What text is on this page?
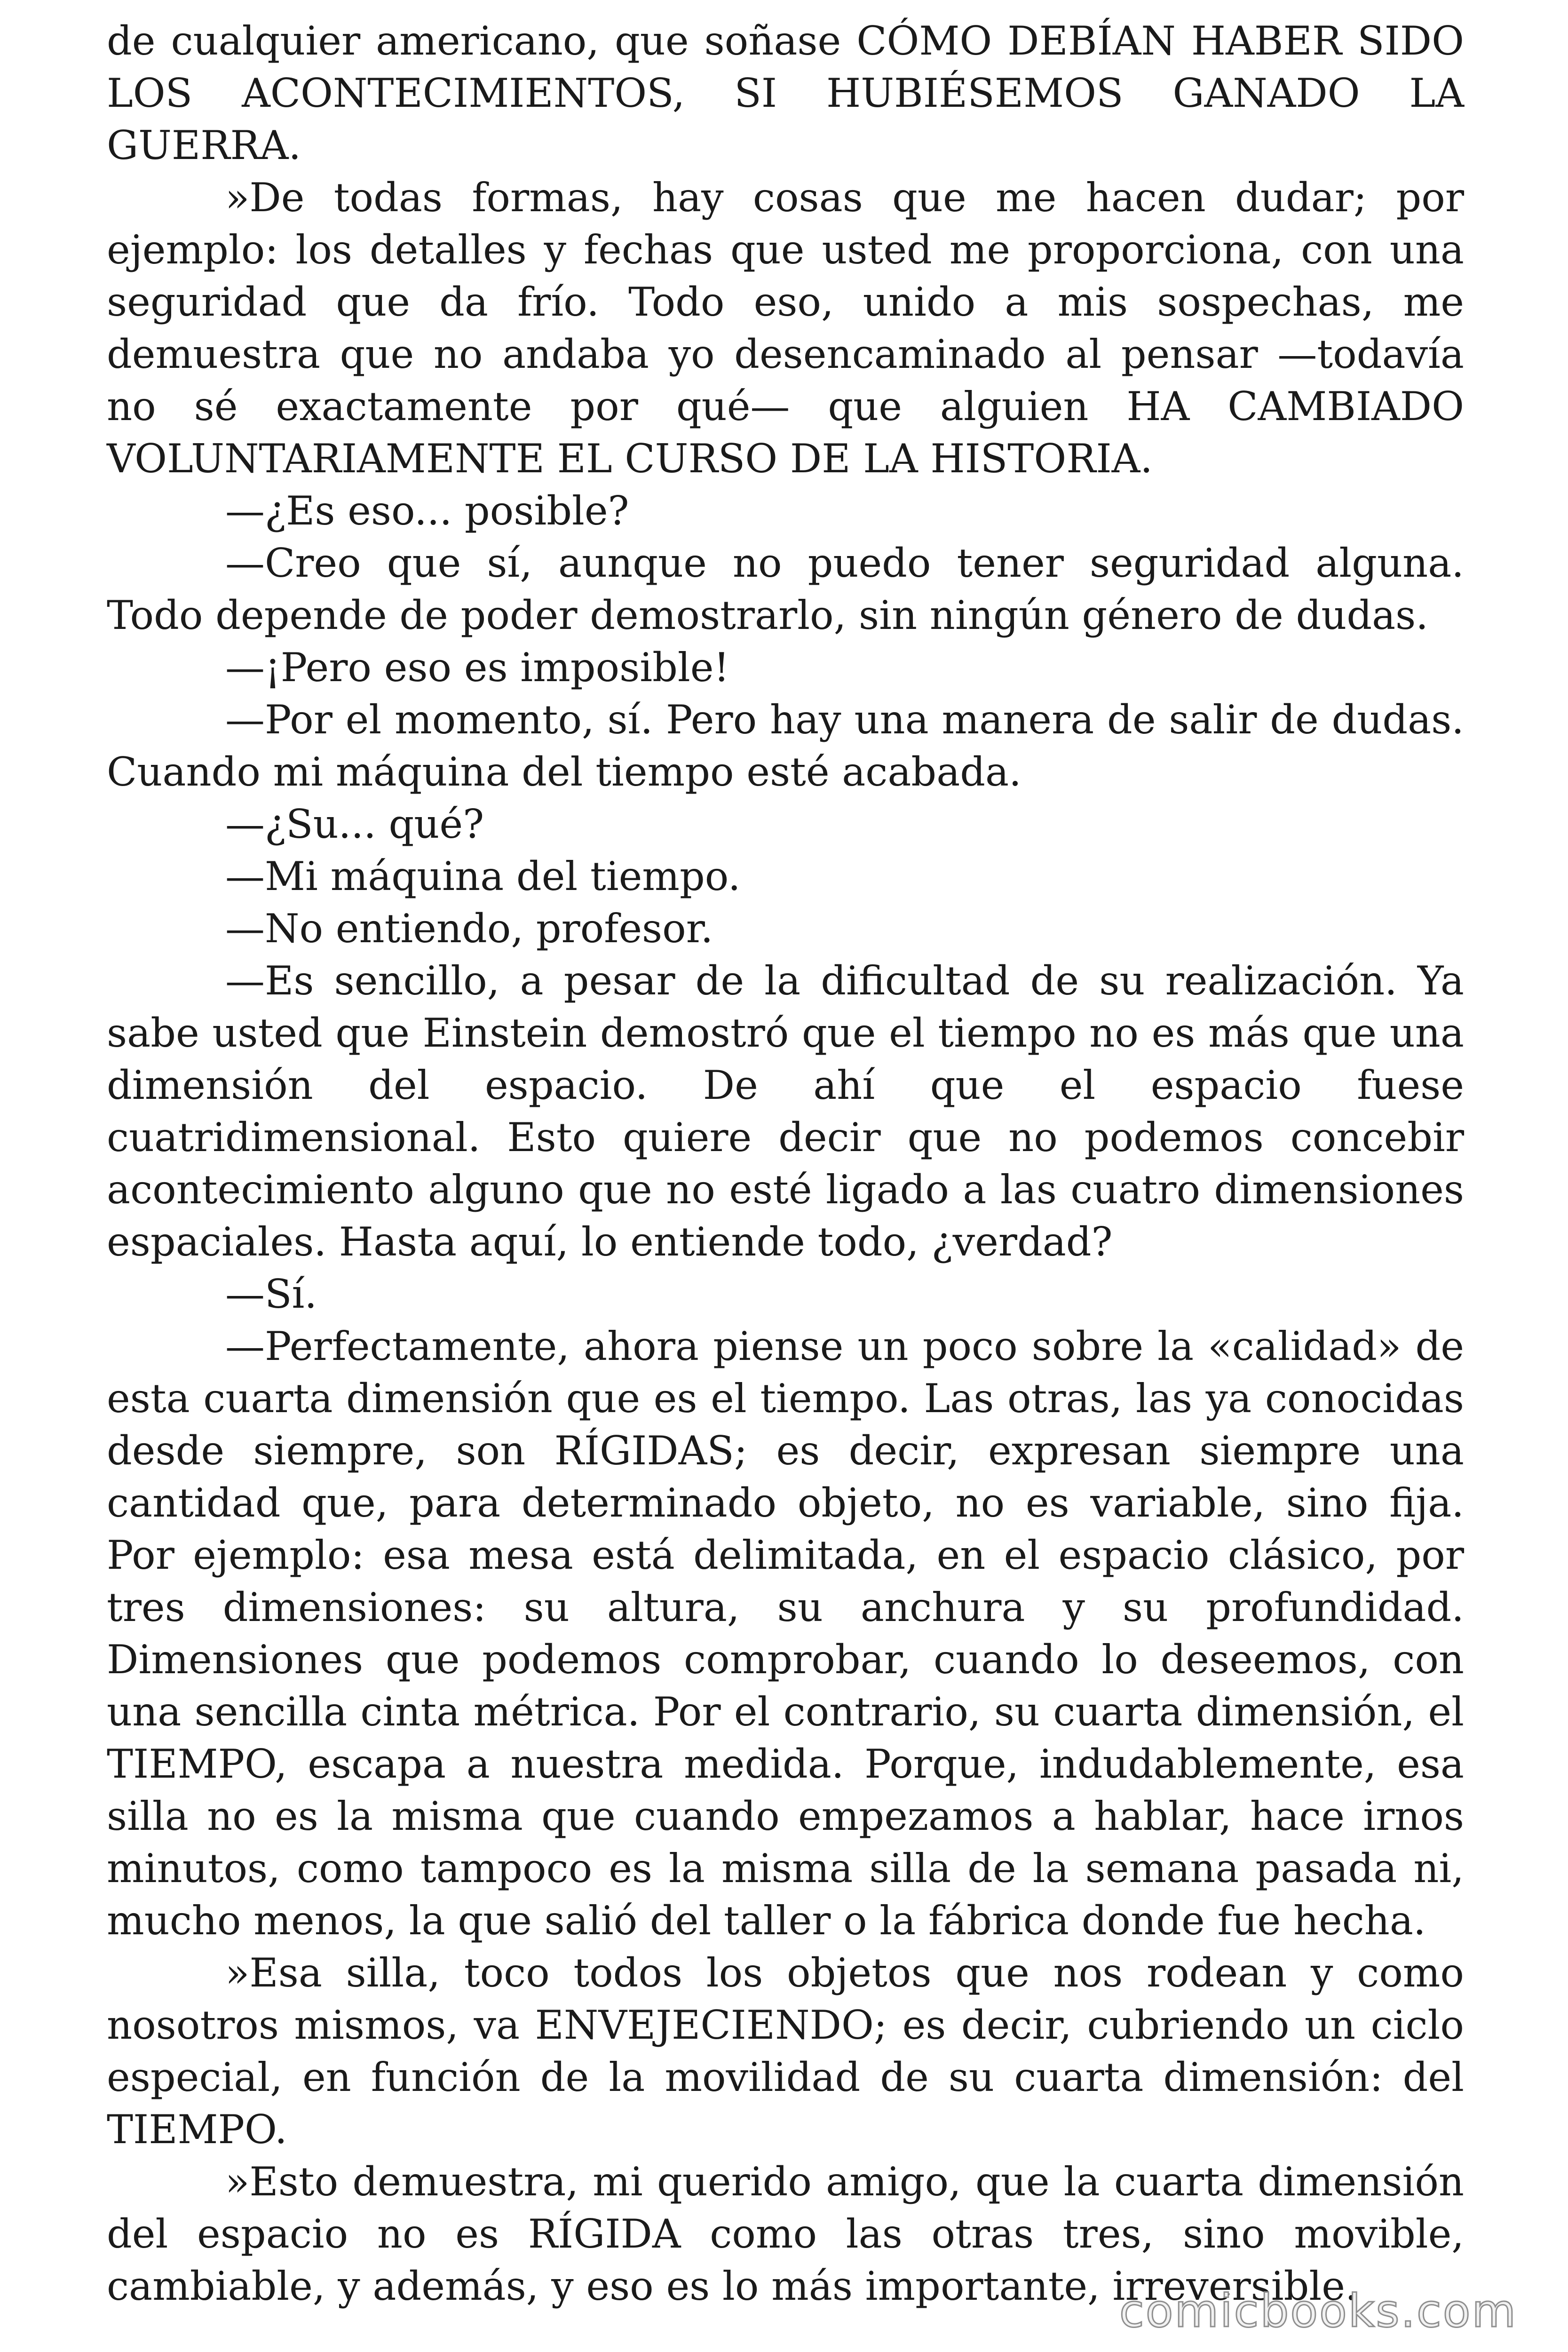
de cualquier americano, que soñase CÓMO DEBÍAN HABER SIDO LOS ACONTECIMIENTOS, SI HUBIÉSEMOS GANADO LA GUERRA.

»De todas formas, hay cosas que me hacen dudar; por ejemplo: los detalles y fechas que usted me proporciona, con una seguridad que da frío. Todo eso, unido a mis sospechas, me demuestra que no andaba yo desencaminado al pensar —todavía no sé exactamente por qué— que alguien HA CAMBIADO VOLUNTARIAMENTE EL CURSO DE LA HISTORIA.

—¿Es eso... posible?

—Creo que sí, aunque no puedo tener seguridad alguna. Todo depende de poder demostrarlo, sin ningún género de dudas.

—¡Pero eso es imposible!

—Por el momento, sí. Pero hay una manera de salir de dudas. Cuando mi máquina del tiempo esté acabada.

—¿Su... qué?

—Mi máquina del tiempo.

—No entiendo, profesor.

—Es sencillo, a pesar de la dificultad de su realización. Ya sabe usted que Einstein demostró que el tiempo no es más que una dimensión del espacio. De ahí que el espacio fuese cuatridimensional. Esto quiere decir que no podemos concebir acontecimiento alguno que no esté ligado a las cuatro dimensiones espaciales. Hasta aquí, lo entiende todo, ¿verdad?

—Sí.

—Perfectamente, ahora piense un poco sobre la «calidad» de esta cuarta dimensión que es el tiempo. Las otras, las ya conocidas desde siempre, son RÍGIDAS; es decir, expresan siempre una cantidad que, para determinado objeto, no es variable, sino fija. Por ejemplo: esa mesa está delimitada, en el espacio clásico, por tres dimensiones: su altura, su anchura y su profundidad. Dimensiones que podemos comprobar, cuando lo deseemos, con una sencilla cinta métrica. Por el contrario, su cuarta dimensión, el TIEMPO, escapa a nuestra medida. Porque, indudablemente, esa silla no es la misma que cuando empezamos a hablar, hace irnos minutos, como tampoco es la misma silla de la semana pasada ni, mucho menos, la que salió del taller o la fábrica donde fue hecha.

»Esa silla, toco todos los objetos que nos rodean y como nosotros mismos, va ENVEJECIENDO; es decir, cubriendo un ciclo especial, en función de la movilidad de su cuarta dimensión: del TIEMPO.

»Esto demuestra, mi querido amigo, que la cuarta dimensión del espacio no es RÍGIDA como las otras tres, sino movible, cambiable, y además, y eso es lo más importante, irreversible.

comicbooks.com
